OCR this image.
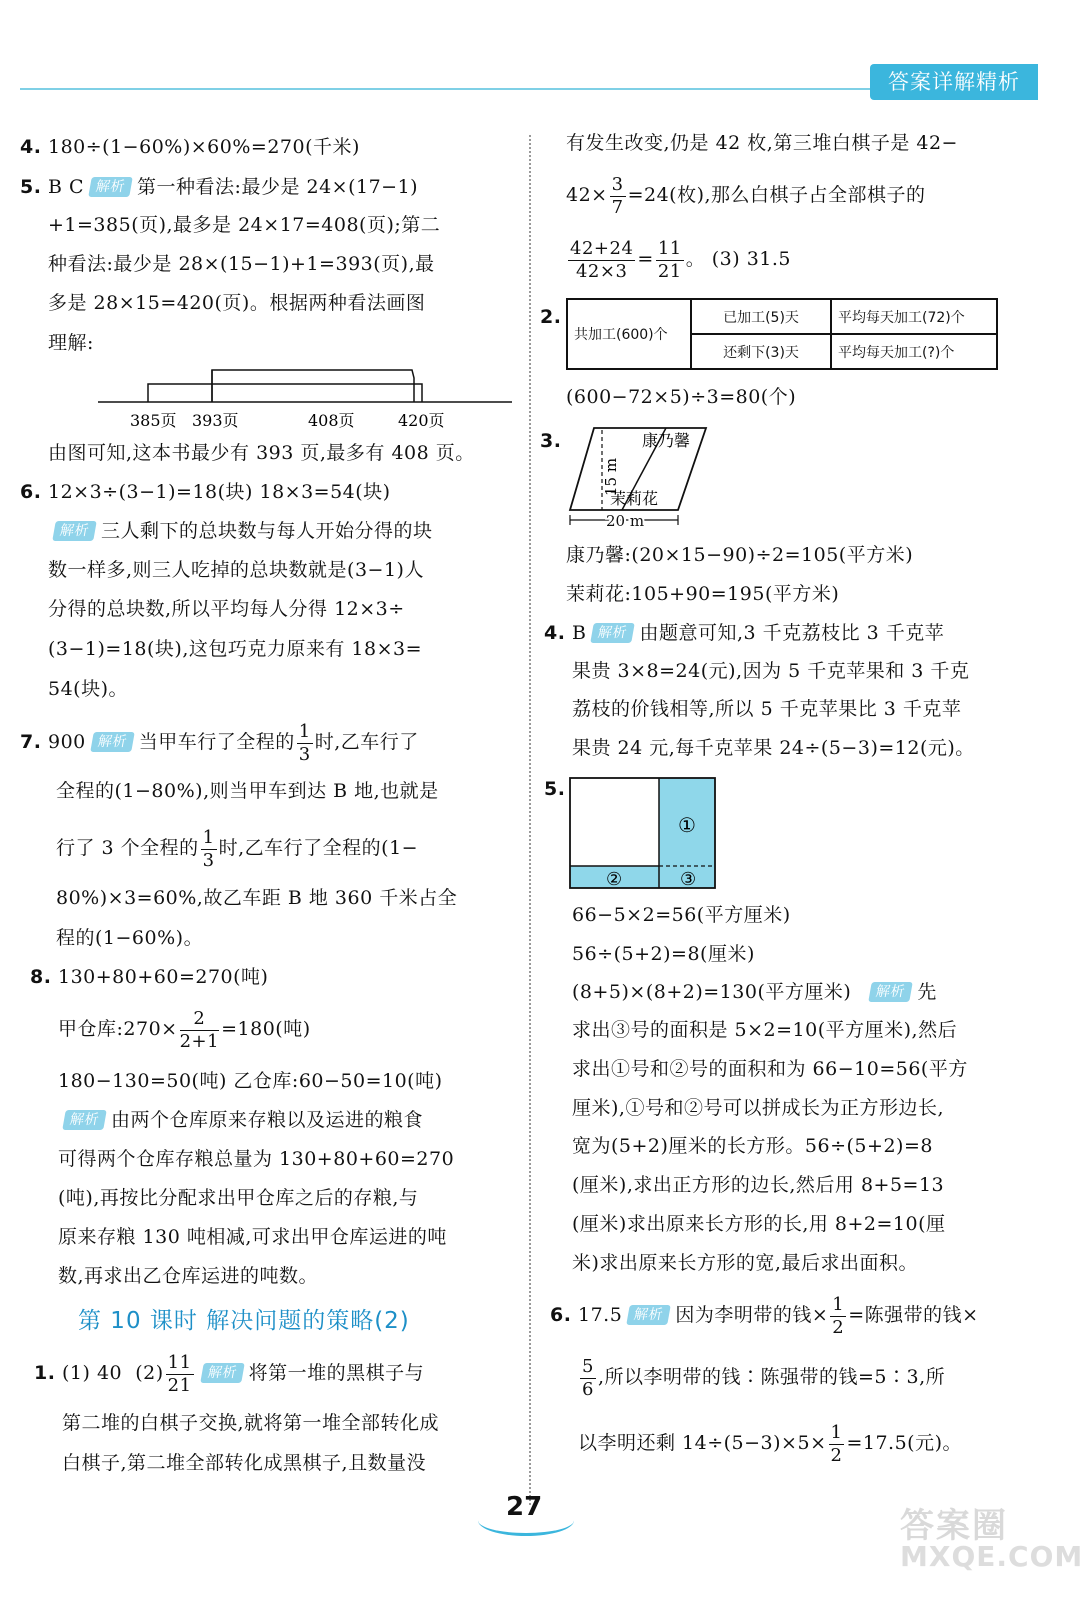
答案详解精析
4. 180÷(1−60%)×60%=270(千米)
5. B C 解析 第一种看法:最少是 24×(17−1)
+1=385(页),最多是 24×17=408(页);第二
种看法:最少是 28×(15−1)+1=393(页),最
多是 28×15=420(页)。根据两种看法画图
理解:
385页 393页	408页	420页
由图可知,这本书最少有 393 页,最多有 408 页。
6. 12×3÷(3−1)=18(块) 18×3=54(块)
解析 三人剩下的总块数与每人开始分得的块
数一样多,则三人吃掉的总块数就是(3−1)人
分得的总块数,所以平均每人分得 12×3÷
(3−1)=18(块),这包巧克力原来有 18×3=
54(块)。
7. 900 解析 当甲车行了全程的 $\frac{1}{3}$ 时,乙车行了
全程的(1−80%),则当甲车到达 B 地,也就是
行了 3 个全程的 $\frac{1}{3}$ 时,乙车行了全程的(1−
80%)×3=60%,故乙车距 B 地 360 千米占全
程的(1−60%)。
8. 130+80+60=270(吨)
甲仓库:270× $\frac{2}{2+1} =180$(吨)
180−130=50(吨) 乙仓库:60−50=10(吨)
解析 由两个仓库原来存粮以及运进的粮食
可得两个仓库存粮总量为 130+80+60=270
(吨),再按比分配求出甲仓库之后的存粮,与
原来存粮 130 吨相减,可求出甲仓库运进的吨
数,再求出乙仓库运进的吨数。
第 10 课时 解决问题的策略(2)
1. (1) 40 $(2) \frac{11}{21}$ 解析 将第一堆的黑棋子与
第二堆的白棋子交换,就将第一堆全部转化成
白棋子,第二堆全部转化成黑棋子,且数量没
有发生改变,仍是 42 枚,第三堆白棋子是 42−
$42\times \frac{3}{7} =24$(枚),那么白棋子占全部棋子的
$\frac{42+24}{42\times 3} = \frac{11}{21}$ 。 (3) 31.5
2.
共加工(600)个	已加工(5)天	平均每天加工(72)个
	还剩下(3)天	平均每天加工(?)个
(600−72×5)÷3=80(个)
3.	康乃馨
茉莉花
15 m
20 m
康乃馨:(20×15−90)÷2=105(平方米)
茉莉花:105+90=195(平方米)
4. B 解析 由题意可知,3 千克荔枝比 3 千克苹
果贵 3×8=24(元),因为 5 千克苹果和 3 千克
荔枝的价钱相等,所以 5 千克苹果比 3 千克苹
果贵 24 元,每千克苹果 24÷(5−3)=12(元)。
5.
①
②	③
66−5×2=56(平方厘米)
56÷(5+2)=8(厘米)
(8+5)×(8+2)=130(平方厘米) 解析 先
求出③号的面积是 5×2=10(平方厘米),然后
求出①号和②号的面积和为 66−10=56(平方
厘米),①号和②号可以拼成长为正方形边长,
宽为(5+2)厘米的长方形。56÷(5+2)=8
(厘米),求出正方形的边长,然后用 8+5=13
(厘米)求出原来长方形的长,用 8+2=10(厘
米)求出原来长方形的宽,最后求出面积。
6. 17.5 解析 因为李明带的钱× $\frac{1}{2}$ =陈强带的钱×
$\frac{5}{6}$ ,所以李明带的钱∶陈强带的钱=5∶3,所
以李明还剩 $14\div(5-3)\times 5\times \frac{1}{2} =17.5$(元)。
27	答案圈
MXQE.COM
